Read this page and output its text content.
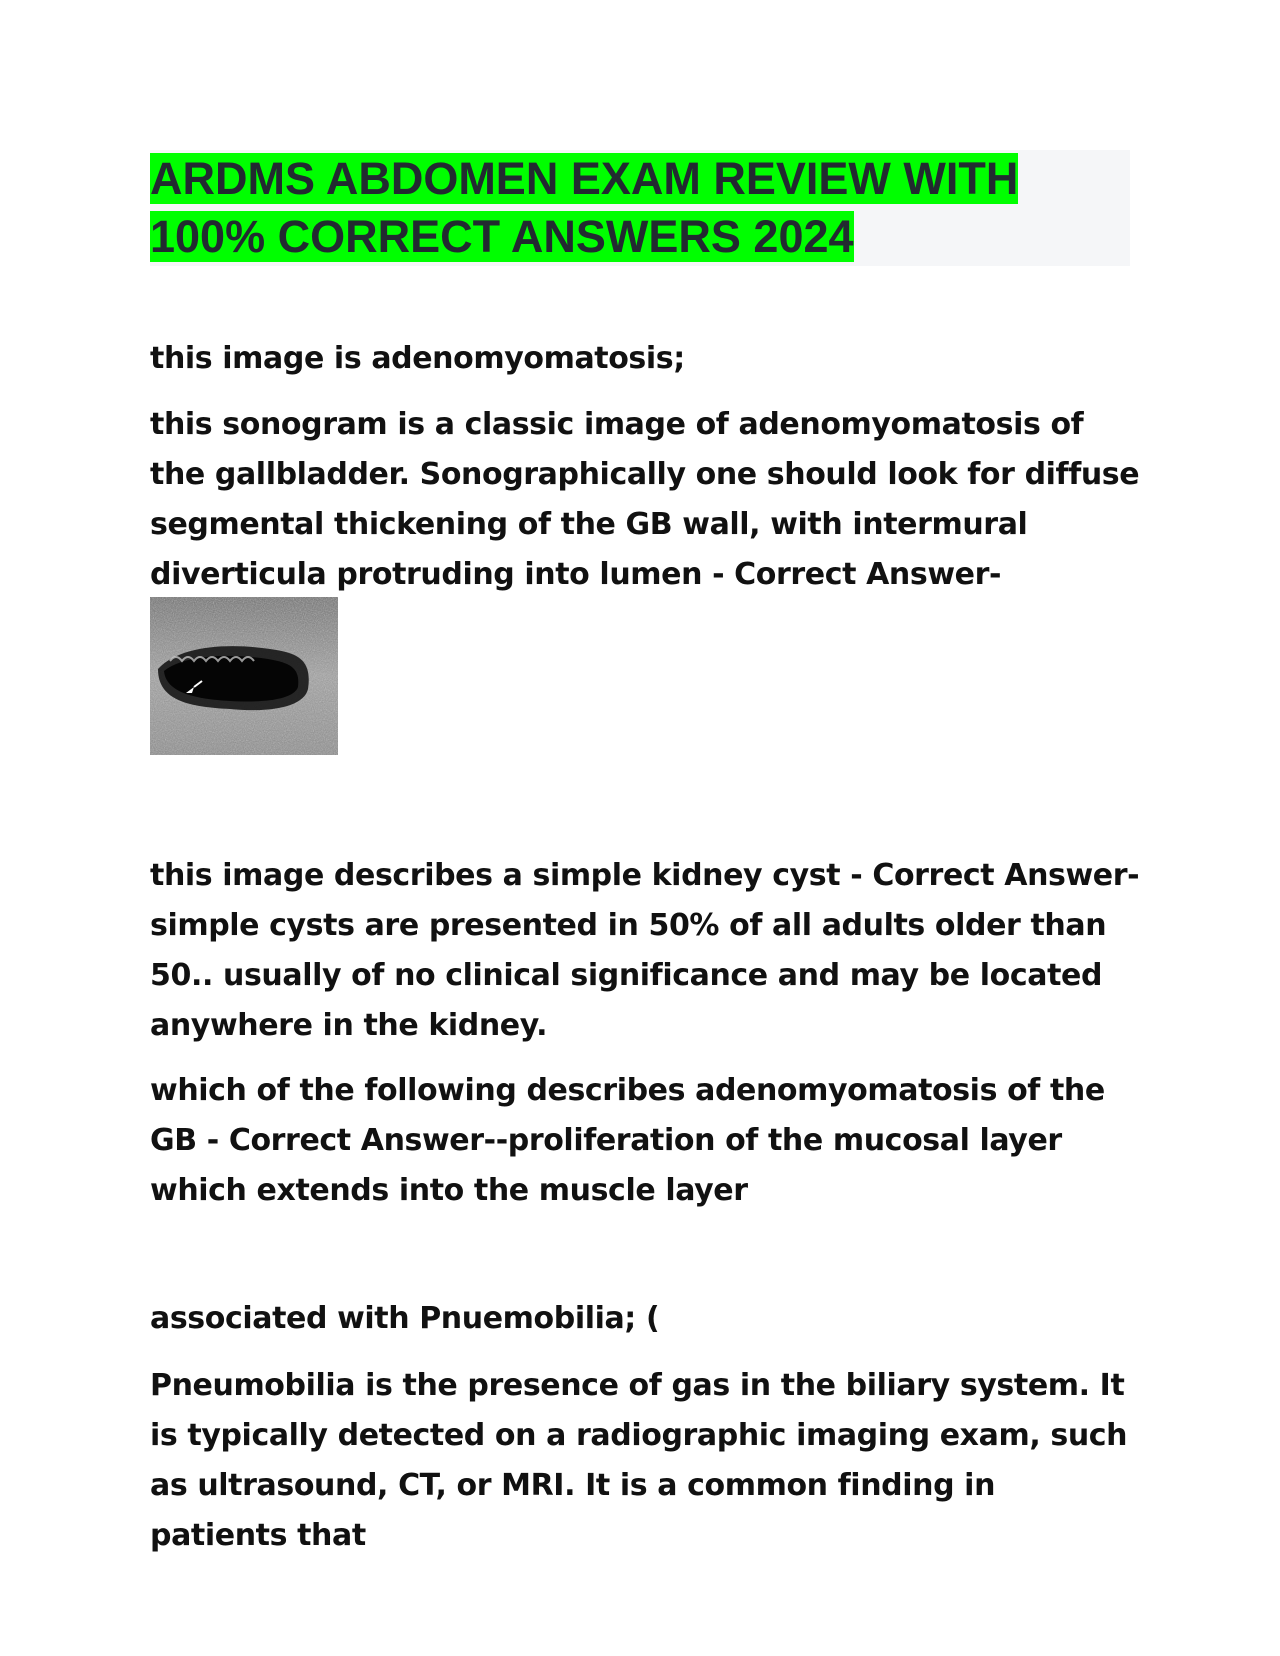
ARDMS ABDOMEN EXAM REVIEW WITH
100% CORRECT ANSWERS 2024

this image is adenomyomatosis;

this sonogram is a classic image of adenomyomatosis of the gallbladder. Sonographically one should look for diffuse segmental thickening of the GB wall, with intermural diverticula protruding into lumen - Correct Answer-

this image describes a simple kidney cyst - Correct Answer- simple cysts are presented in 50% of all adults older than 50.. usually of no clinical significance and may be located anywhere in the kidney.

which of the following describes adenomyomatosis of the GB - Correct Answer--proliferation of the mucosal layer which extends into the muscle layer

associated with Pnuemobilia; (

Pneumobilia is the presence of gas in the biliary system. It is typically detected on a radiographic imaging exam, such as ultrasound, CT, or MRI. It is a common finding in patients that
